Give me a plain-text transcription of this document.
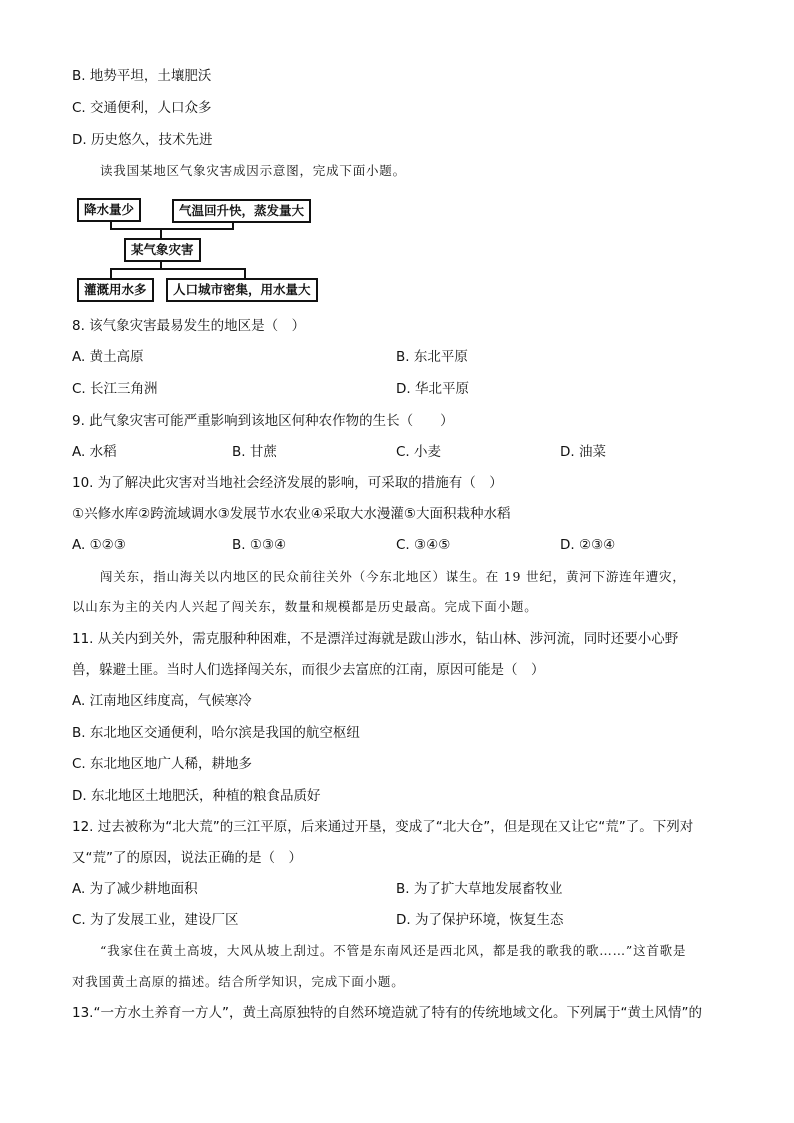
B. 地势平坦，土壤肥沃
C. 交通便利，人口众多
D. 历史悠久，技术先进
读我国某地区气象灾害成因示意图，完成下面小题。
降水量少	气温回升快，蒸发量大
某气象灾害
灌溉用水多	人口城市密集，用水量大
8. 该气象灾害最易发生的地区是（　）
A. 黄土高原	B. 东北平原
C. 长江三角洲	D. 华北平原
9. 此气象灾害可能严重影响到该地区何种农作物的生长（　　）
A. 水稻	B. 甘蔗	C. 小麦	D. 油菜
10. 为了解决此灾害对当地社会经济发展的影响，可采取的措施有（　）
①兴修水库②跨流域调水③发展节水农业④采取大水漫灌⑤大面积栽种水稻
A. ①②③	B. ①③④	C. ③④⑤	D. ②③④
闯关东，指山海关以内地区的民众前往关外（今东北地区）谋生。在 19 世纪，黄河下游连年遭灾，
以山东为主的关内人兴起了闯关东，数量和规模都是历史最高。完成下面小题。
11. 从关内到关外，需克服种种困难，不是漂洋过海就是跋山涉水，钻山林、涉河流，同时还要小心野
兽，躲避土匪。当时人们选择闯关东，而很少去富庶的江南，原因可能是（　）
A. 江南地区纬度高，气候寒冷
B. 东北地区交通便利，哈尔滨是我国的航空枢纽
C. 东北地区地广人稀，耕地多
D. 东北地区土地肥沃，种植的粮食品质好
12. 过去被称为“北大荒”的三江平原，后来通过开垦，变成了“北大仓”，但是现在又让它“荒”了。下列对
又“荒”了的原因，说法正确的是（　）
A. 为了减少耕地面积	B. 为了扩大草地发展畜牧业
C. 为了发展工业，建设厂区	D. 为了保护环境，恢复生态
“我家住在黄土高坡，大风从坡上刮过。不管是东南风还是西北风，都是我的歌我的歌……”这首歌是
对我国黄土高原的描述。结合所学知识，完成下面小题。
13.“一方水土养育一方人”，黄土高原独特的自然环境造就了特有的传统地域文化。下列属于“黄土风情”的
